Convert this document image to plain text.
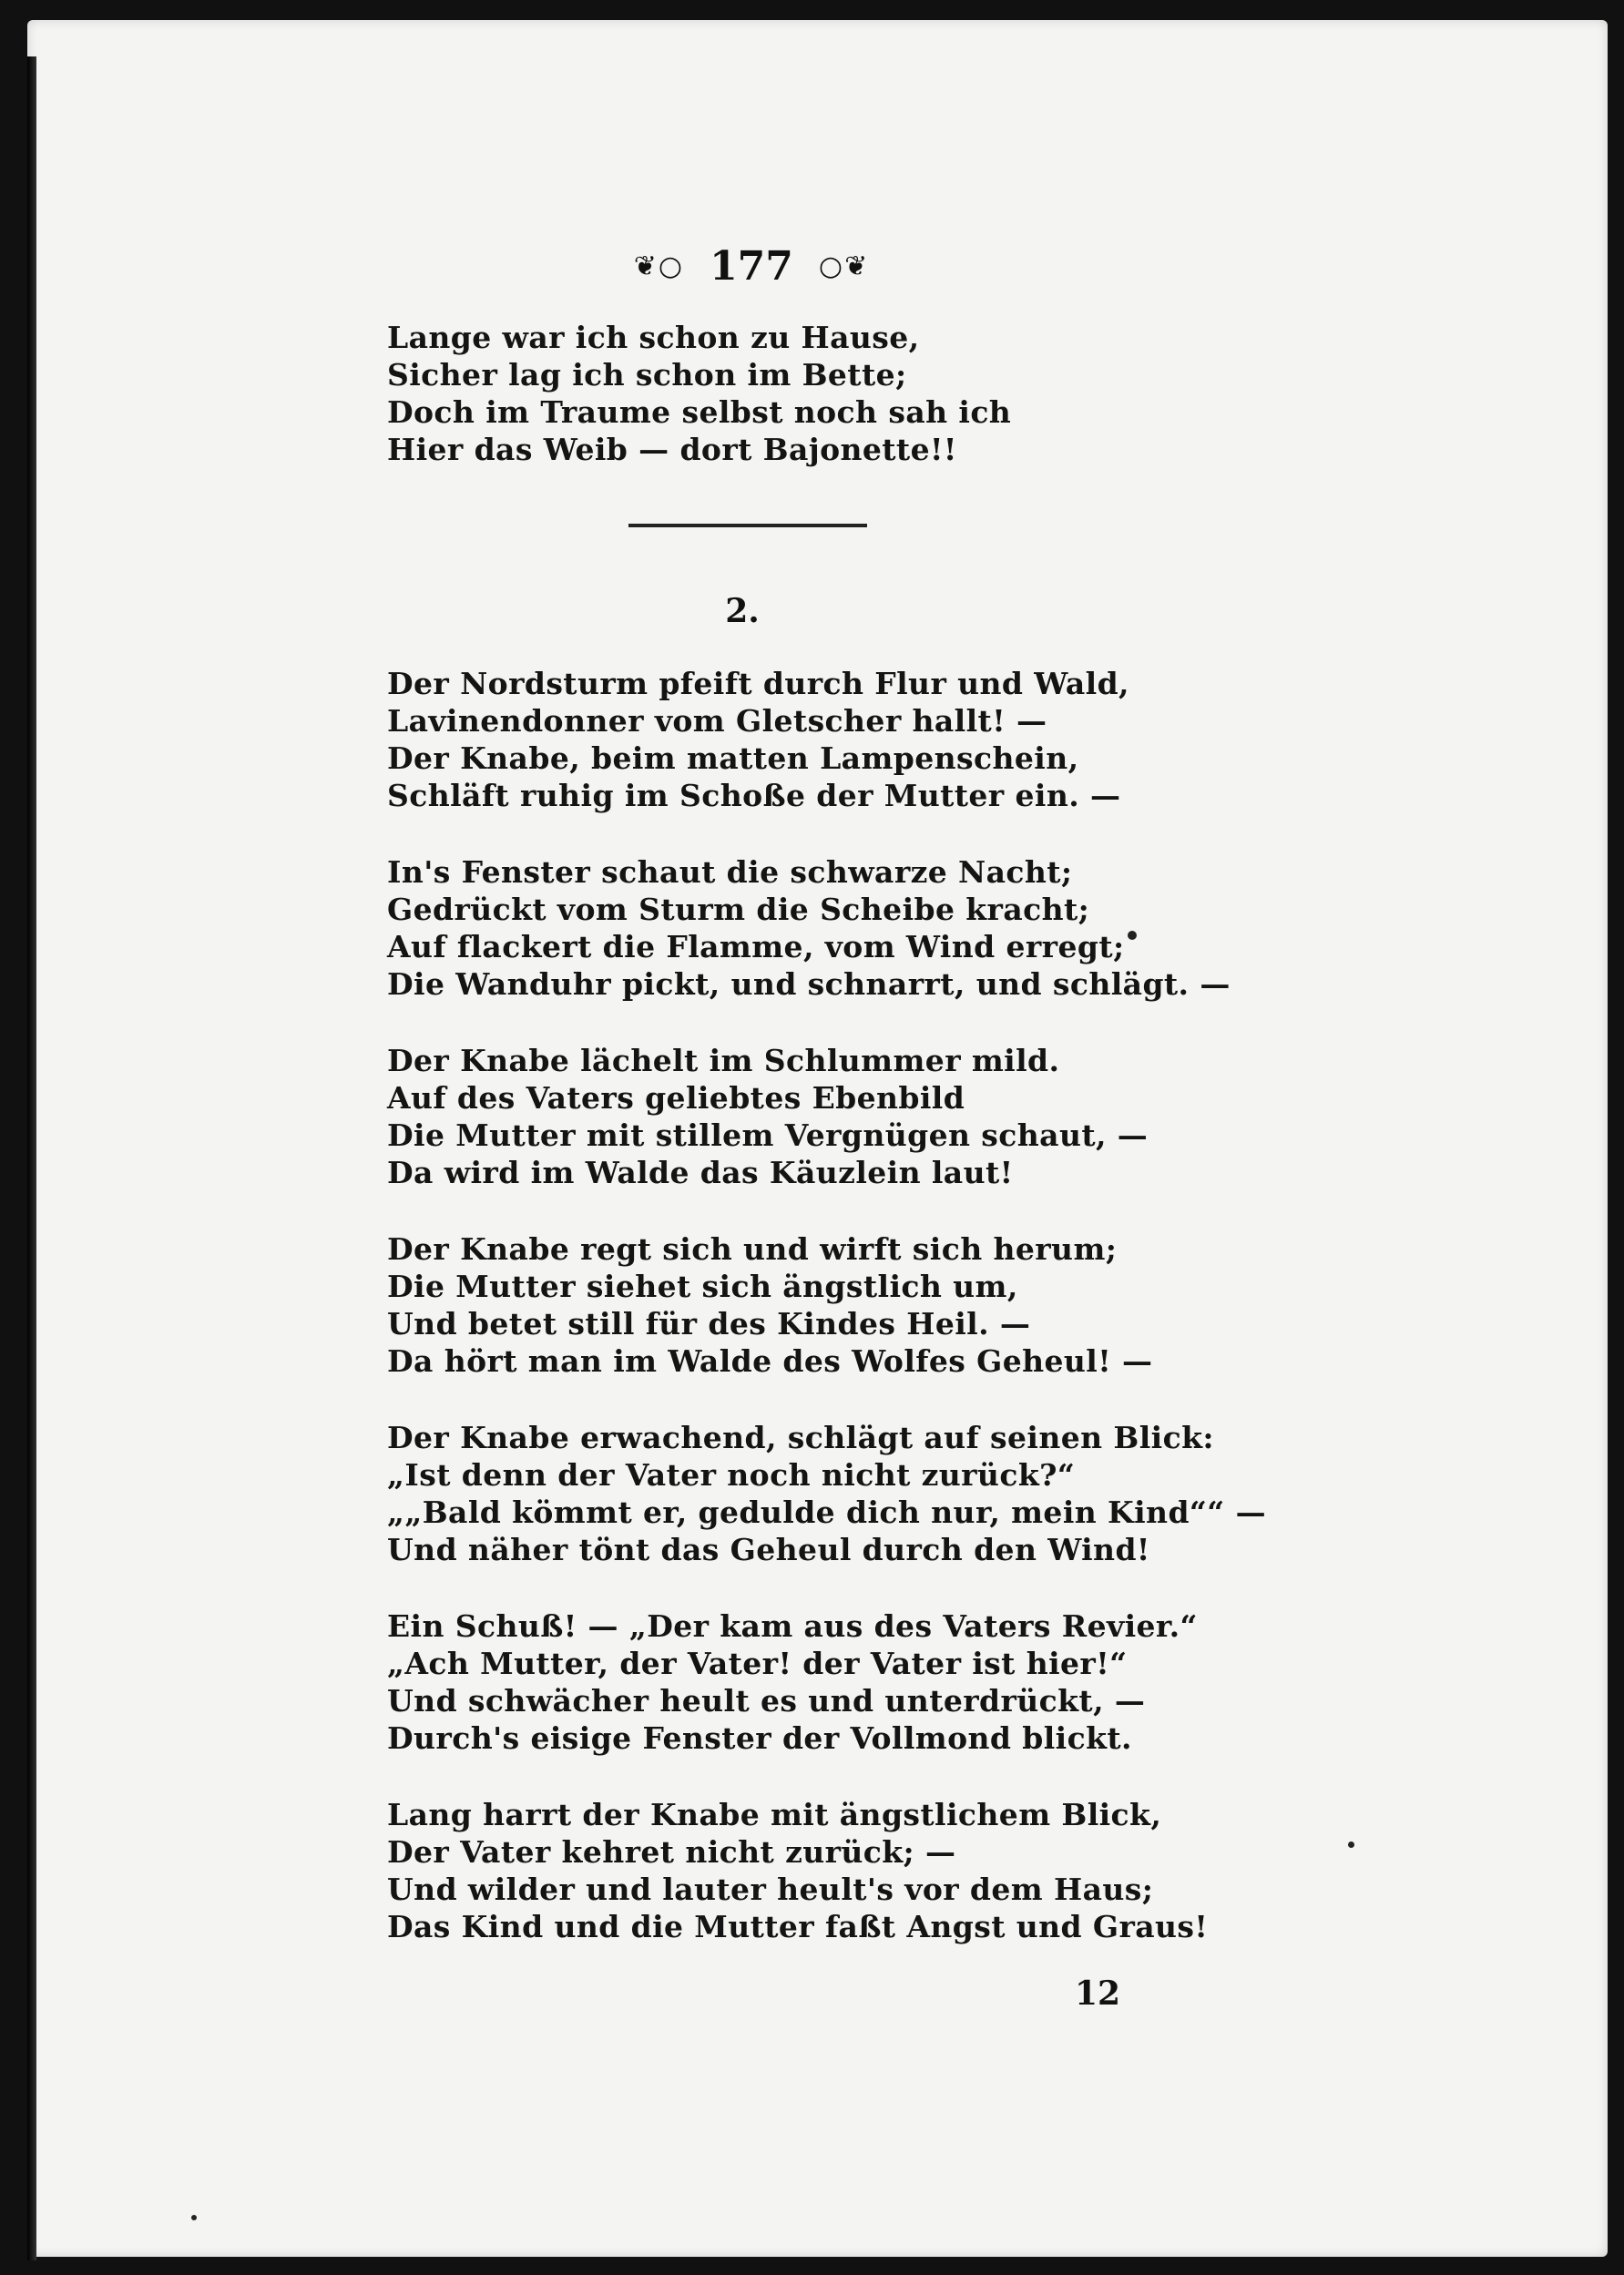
❦○ 177 ○❦
Lange war ich schon zu Hause,
Sicher lag ich schon im Bette;
Doch im Traume selbst noch sah ich
Hier das Weib — dort Bajonette!!
2.
Der Nordsturm pfeift durch Flur und Wald,
Lavinendonner vom Gletscher hallt! —
Der Knabe, beim matten Lampenschein,
Schläft ruhig im Schoße der Mutter ein. —
In's Fenster schaut die schwarze Nacht;
Gedrückt vom Sturm die Scheibe kracht;
Auf flackert die Flamme, vom Wind erregt;
Die Wanduhr pickt, und schnarrt, und schlägt. —
Der Knabe lächelt im Schlummer mild.
Auf des Vaters geliebtes Ebenbild
Die Mutter mit stillem Vergnügen schaut, —
Da wird im Walde das Käuzlein laut!
Der Knabe regt sich und wirft sich herum;
Die Mutter siehet sich ängstlich um,
Und betet still für des Kindes Heil. —
Da hört man im Walde des Wolfes Geheul! —
Der Knabe erwachend, schlägt auf seinen Blick:
„Ist denn der Vater noch nicht zurück?“
„„Bald kömmt er, gedulde dich nur, mein Kind““ —
Und näher tönt das Geheul durch den Wind!
Ein Schuß! — „Der kam aus des Vaters Revier.“
„Ach Mutter, der Vater! der Vater ist hier!“
Und schwächer heult es und unterdrückt, —
Durch's eisige Fenster der Vollmond blickt.
Lang harrt der Knabe mit ängstlichem Blick,
Der Vater kehret nicht zurück; —
Und wilder und lauter heult's vor dem Haus;
Das Kind und die Mutter faßt Angst und Graus!
12
